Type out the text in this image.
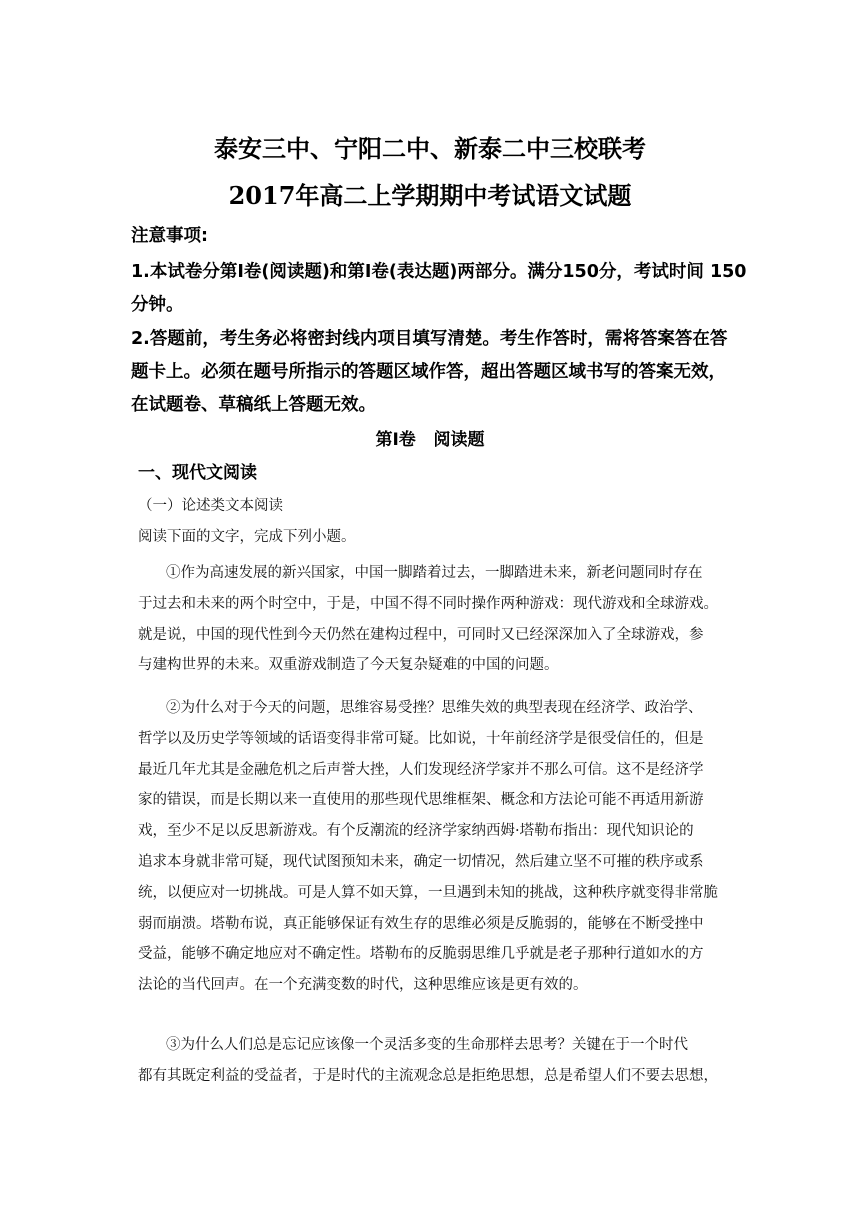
泰安三中、宁阳二中、新泰二中三校联考
2017年高二上学期期中考试语文试题
注意事项:
1.本试卷分第Ⅰ卷(阅读题)和第Ⅰ卷(表达题)两部分。满分150分，考试时间 150
分钟。
2.答题前，考生务必将密封线内项目填写清楚。考生作答时，需将答案答在答
题卡上。必须在题号所指示的答题区域作答，超出答题区域书写的答案无效，
在试题卷、草稿纸上答题无效。
第Ⅰ卷   阅读题
一、现代文阅读
（一）论述类文本阅读
阅读下面的文字，完成下列小题。
①作为高速发展的新兴国家，中国一脚踏着过去，一脚踏进未来，新老问题同时存在
于过去和未来的两个时空中，于是，中国不得不同时操作两种游戏：现代游戏和全球游戏。
就是说，中国的现代性到今天仍然在建构过程中，可同时又已经深深加入了全球游戏，参
与建构世界的未来。双重游戏制造了今天复杂疑难的中国的问题。
②为什么对于今天的问题，思维容易受挫？思维失效的典型表现在经济学、政治学、
哲学以及历史学等领域的话语变得非常可疑。比如说，十年前经济学是很受信任的，但是
最近几年尤其是金融危机之后声誉大挫，人们发现经济学家并不那么可信。这不是经济学
家的错误，而是长期以来一直使用的那些现代思维框架、概念和方法论可能不再适用新游
戏，至少不足以反思新游戏。有个反潮流的经济学家纳西姆·塔勒布指出：现代知识论的
追求本身就非常可疑，现代试图预知未来，确定一切情况，然后建立坚不可摧的秩序或系
统，以便应对一切挑战。可是人算不如天算，一旦遇到未知的挑战，这种秩序就变得非常脆
弱而崩溃。塔勒布说，真正能够保证有效生存的思维必须是反脆弱的，能够在不断受挫中
受益，能够不确定地应对不确定性。塔勒布的反脆弱思维几乎就是老子那种行道如水的方
法论的当代回声。在一个充满变数的时代，这种思维应该是更有效的。
③为什么人们总是忘记应该像一个灵活多变的生命那样去思考？关键在于一个时代
都有其既定利益的受益者，于是时代的主流观念总是拒绝思想，总是希望人们不要去思想，
